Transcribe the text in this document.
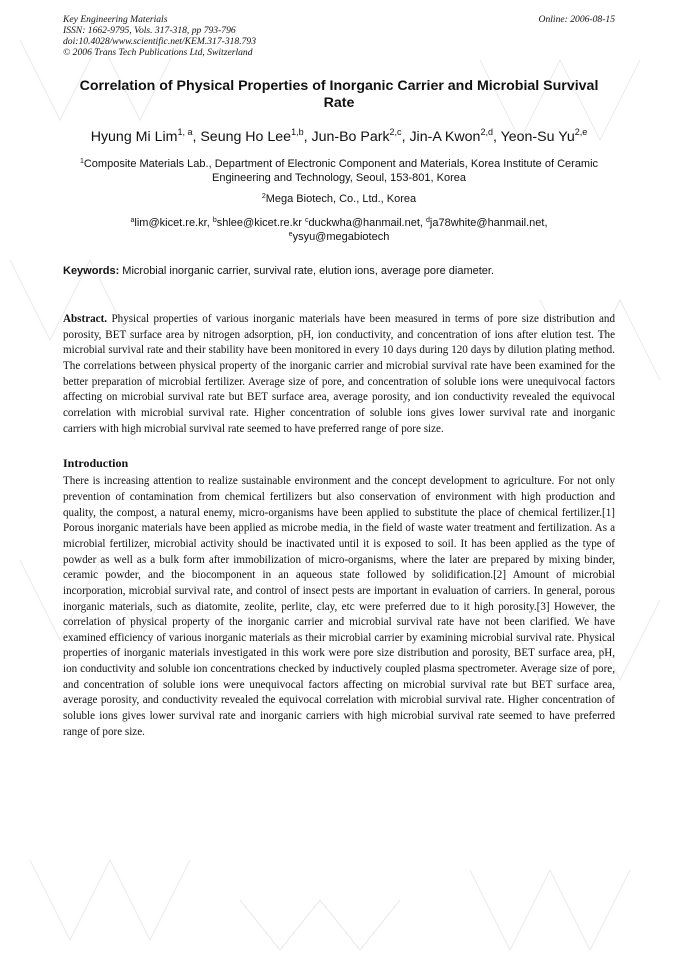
Key Engineering Materials
ISSN: 1662-9795, Vols. 317-318, pp 793-796
doi:10.4028/www.scientific.net/KEM.317-318.793
© 2006 Trans Tech Publications Ltd, Switzerland
Online: 2006-08-15
Correlation of Physical Properties of Inorganic Carrier and Microbial Survival Rate
Hyung Mi Lim$^{1, a}$, Seung Ho Lee$^{1,b}$, Jun-Bo Park$^{2,c}$, Jin-A Kwon$^{2,d}$, Yeon-Su Yu$^{2,e}$
$^1$Composite Materials Lab., Department of Electronic Component and Materials, Korea Institute of Ceramic Engineering and Technology, Seoul, 153-801, Korea
$^2$Mega Biotech, Co., Ltd., Korea
$^a$lim@kicet.re.kr, $^b$shlee@kicet.re.kr $^c$duckwha@hanmail.net, $^d$ja78white@hanmail.net,
$^e$ysyu@megabiotech
Keywords: Microbial inorganic carrier, survival rate, elution ions, average pore diameter.
Abstract. Physical properties of various inorganic materials have been measured in terms of pore size distribution and porosity, BET surface area by nitrogen adsorption, pH, ion conductivity, and concentration of ions after elution test. The microbial survival rate and their stability have been monitored in every 10 days during 120 days by dilution plating method. The correlations between physical property of the inorganic carrier and microbial survival rate have been examined for the better preparation of microbial fertilizer. Average size of pore, and concentration of soluble ions were unequivocal factors affecting on microbial survival rate but BET surface area, average porosity, and ion conductivity revealed the equivocal correlation with microbial survival rate. Higher concentration of soluble ions gives lower survival rate and inorganic carriers with high microbial survival rate seemed to have preferred range of pore size.
Introduction
There is increasing attention to realize sustainable environment and the concept development to agriculture. For not only prevention of contamination from chemical fertilizers but also conservation of environment with high production and quality, the compost, a natural enemy, micro-organisms have been applied to substitute the place of chemical fertilizer.[1] Porous inorganic materials have been applied as microbe media, in the field of waste water treatment and fertilization. As a microbial fertilizer, microbial activity should be inactivated until it is exposed to soil. It has been applied as the type of powder as well as a bulk form after immobilization of micro-organisms, where the later are prepared by mixing binder, ceramic powder, and the biocomponent in an aqueous state followed by solidification.[2] Amount of microbial incorporation, microbial survival rate, and control of insect pests are important in evaluation of carriers. In general, porous inorganic materials, such as diatomite, zeolite, perlite, clay, etc were preferred due to it high porosity.[3] However, the correlation of physical property of the inorganic carrier and microbial survival rate have not been clarified. We have examined efficiency of various inorganic materials as their microbial carrier by examining microbial survival rate. Physical properties of inorganic materials investigated in this work were pore size distribution and porosity, BET surface area, pH, ion conductivity and soluble ion concentrations checked by inductively coupled plasma spectrometer. Average size of pore, and concentration of soluble ions were unequivocal factors affecting on microbial survival rate but BET surface area, average porosity, and conductivity revealed the equivocal correlation with microbial survival rate. Higher concentration of soluble ions gives lower survival rate and inorganic carriers with high microbial survival rate seemed to have preferred range of pore size.
